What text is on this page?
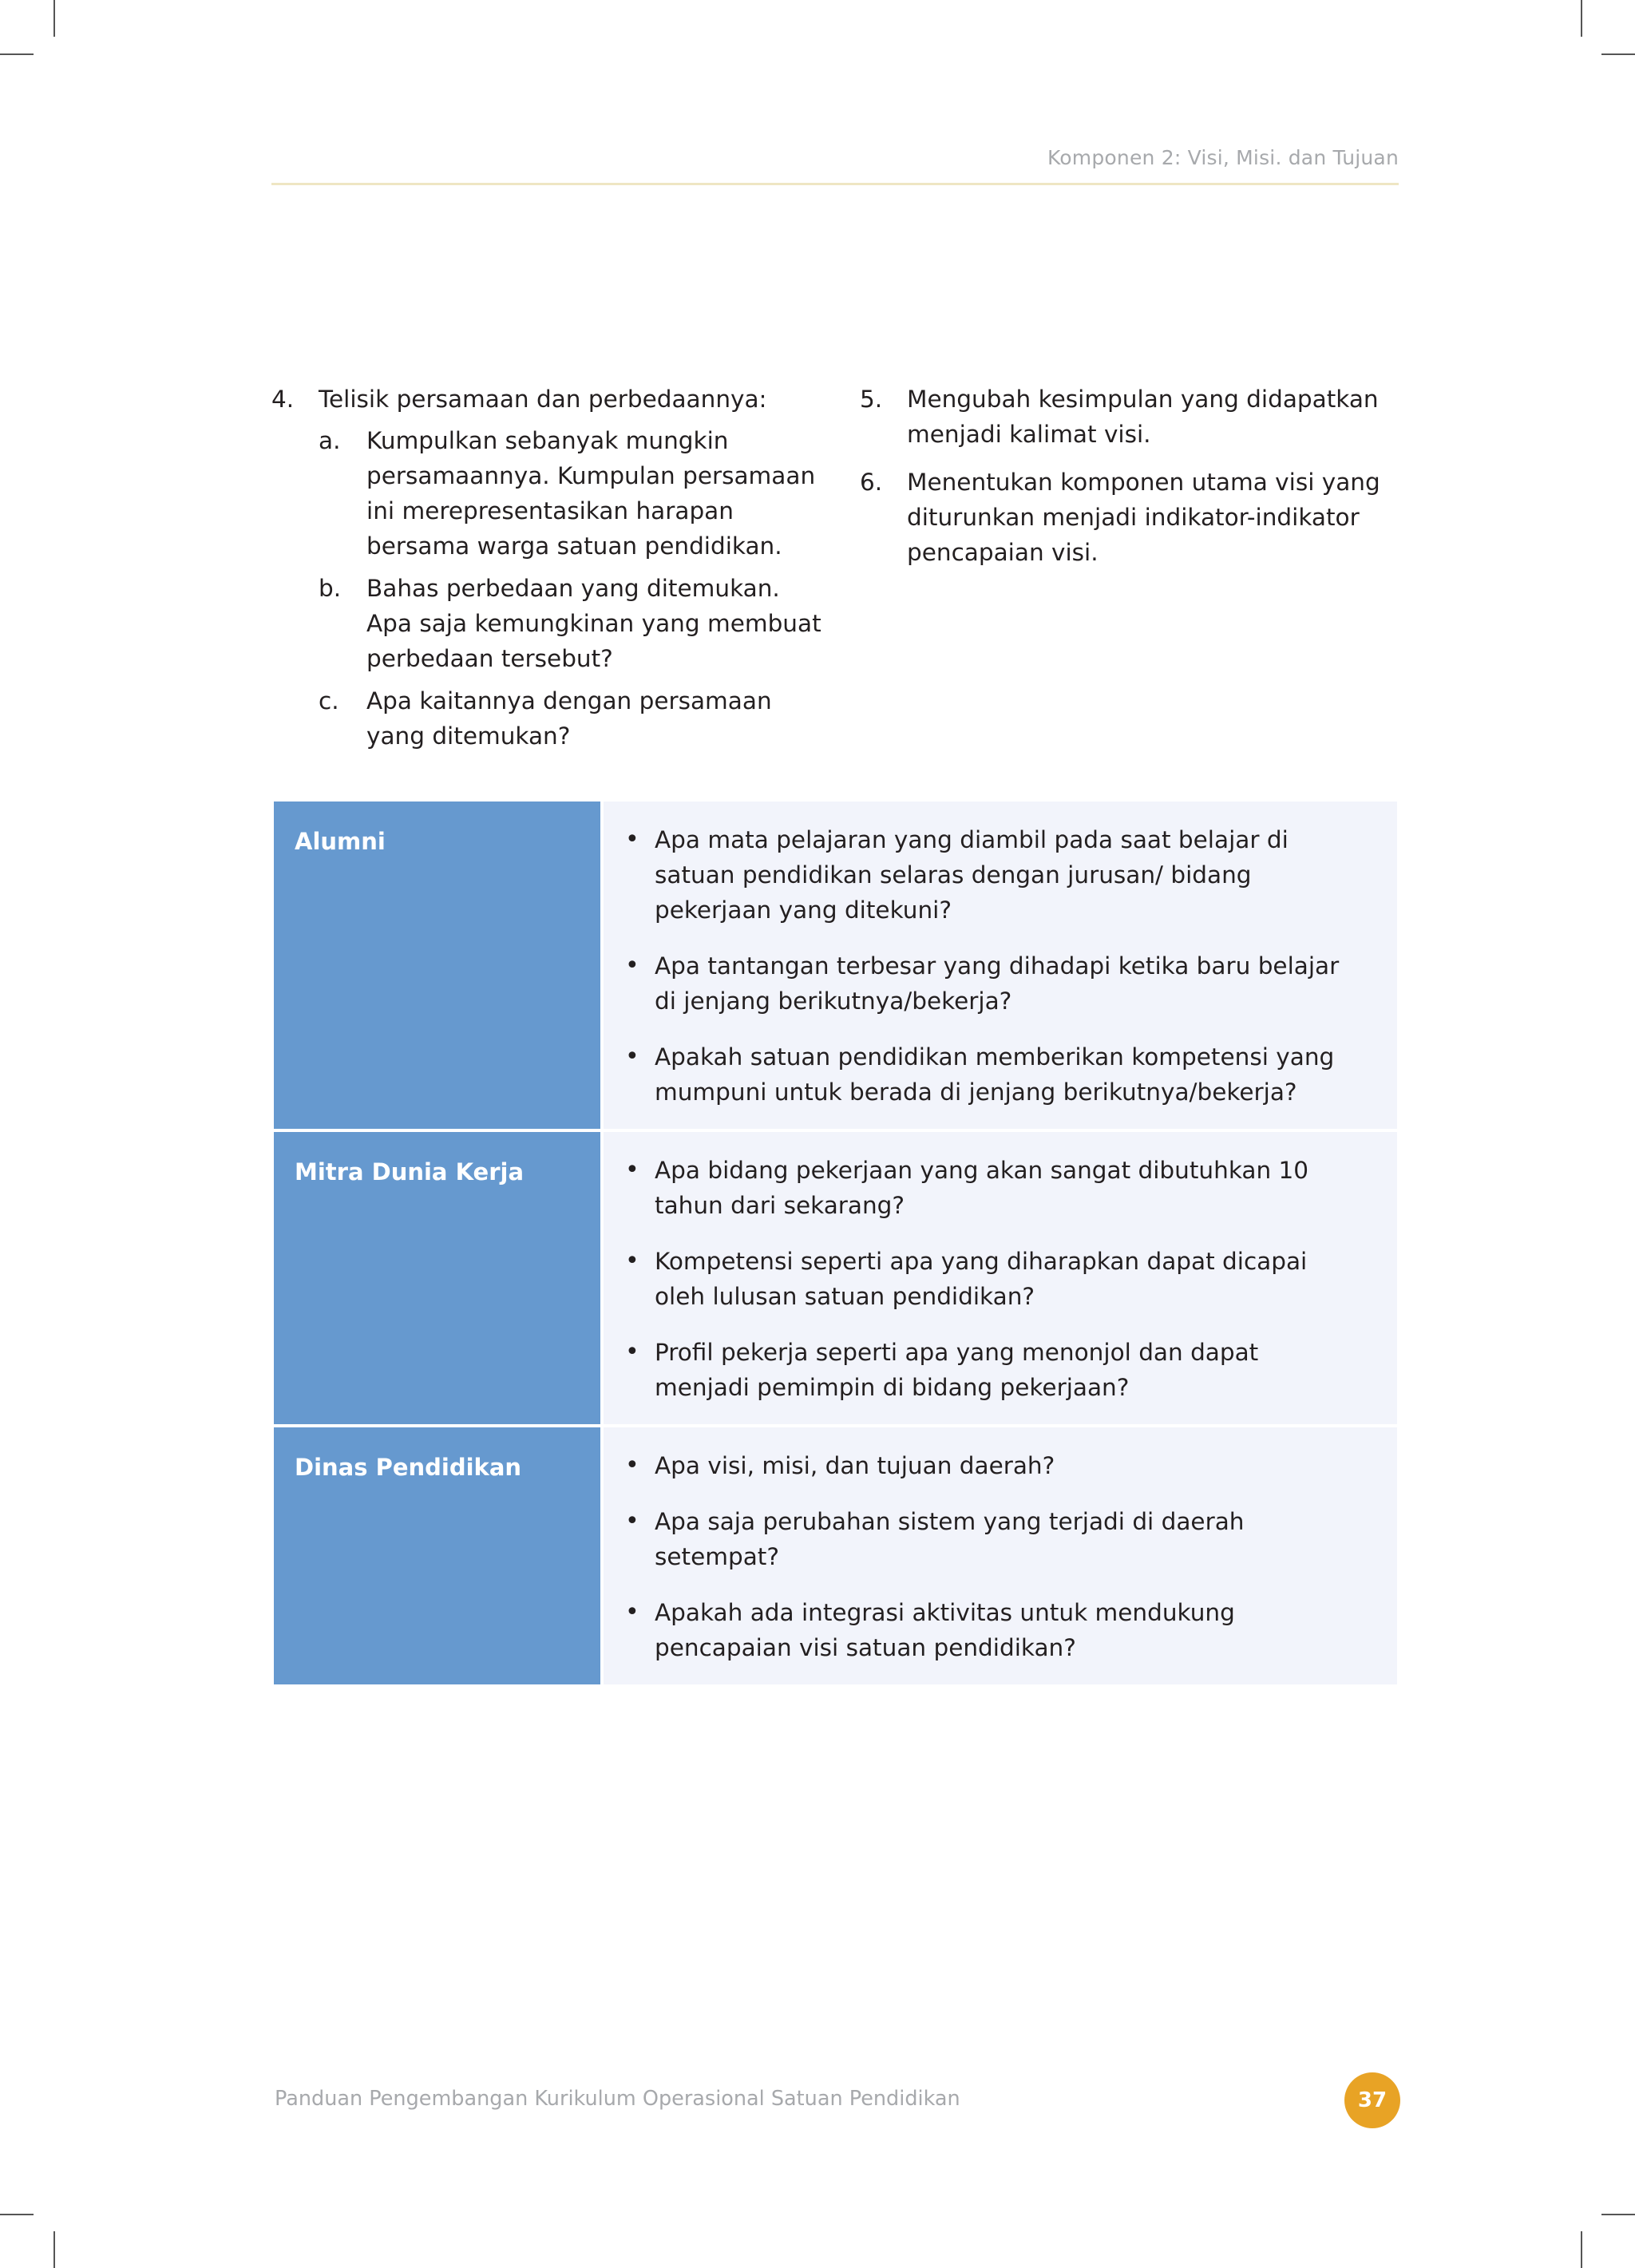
Komponen 2: Visi, Misi. dan Tujuan
4. Telisik persamaan dan perbedaannya:
a. Kumpulkan sebanyak mungkin persamaannya. Kumpulan persamaan ini merepresentasikan harapan bersama warga satuan pendidikan.
b. Bahas perbedaan yang ditemukan. Apa saja kemungkinan yang membuat perbedaan tersebut?
c. Apa kaitannya dengan persamaan yang ditemukan?
5. Mengubah kesimpulan yang didapatkan menjadi kalimat visi.
6. Menentukan komponen utama visi yang diturunkan menjadi indikator-indikator pencapaian visi.
Alumni	• Apa mata pelajaran yang diambil pada saat belajar di satuan pendidikan selaras dengan jurusan/ bidang pekerjaan yang ditekuni?
• Apa tantangan terbesar yang dihadapi ketika baru belajar di jenjang berikutnya/bekerja?
• Apakah satuan pendidikan memberikan kompetensi yang mumpuni untuk berada di jenjang berikutnya/bekerja?
Mitra Dunia Kerja	• Apa bidang pekerjaan yang akan sangat dibutuhkan 10 tahun dari sekarang?
• Kompetensi seperti apa yang diharapkan dapat dicapai oleh lulusan satuan pendidikan?
• Profil pekerja seperti apa yang menonjol dan dapat menjadi pemimpin di bidang pekerjaan?
Dinas Pendidikan	• Apa visi, misi, dan tujuan daerah?
• Apa saja perubahan sistem yang terjadi di daerah setempat?
• Apakah ada integrasi aktivitas untuk mendukung pencapaian visi satuan pendidikan?
Panduan Pengembangan Kurikulum Operasional Satuan Pendidikan	37
